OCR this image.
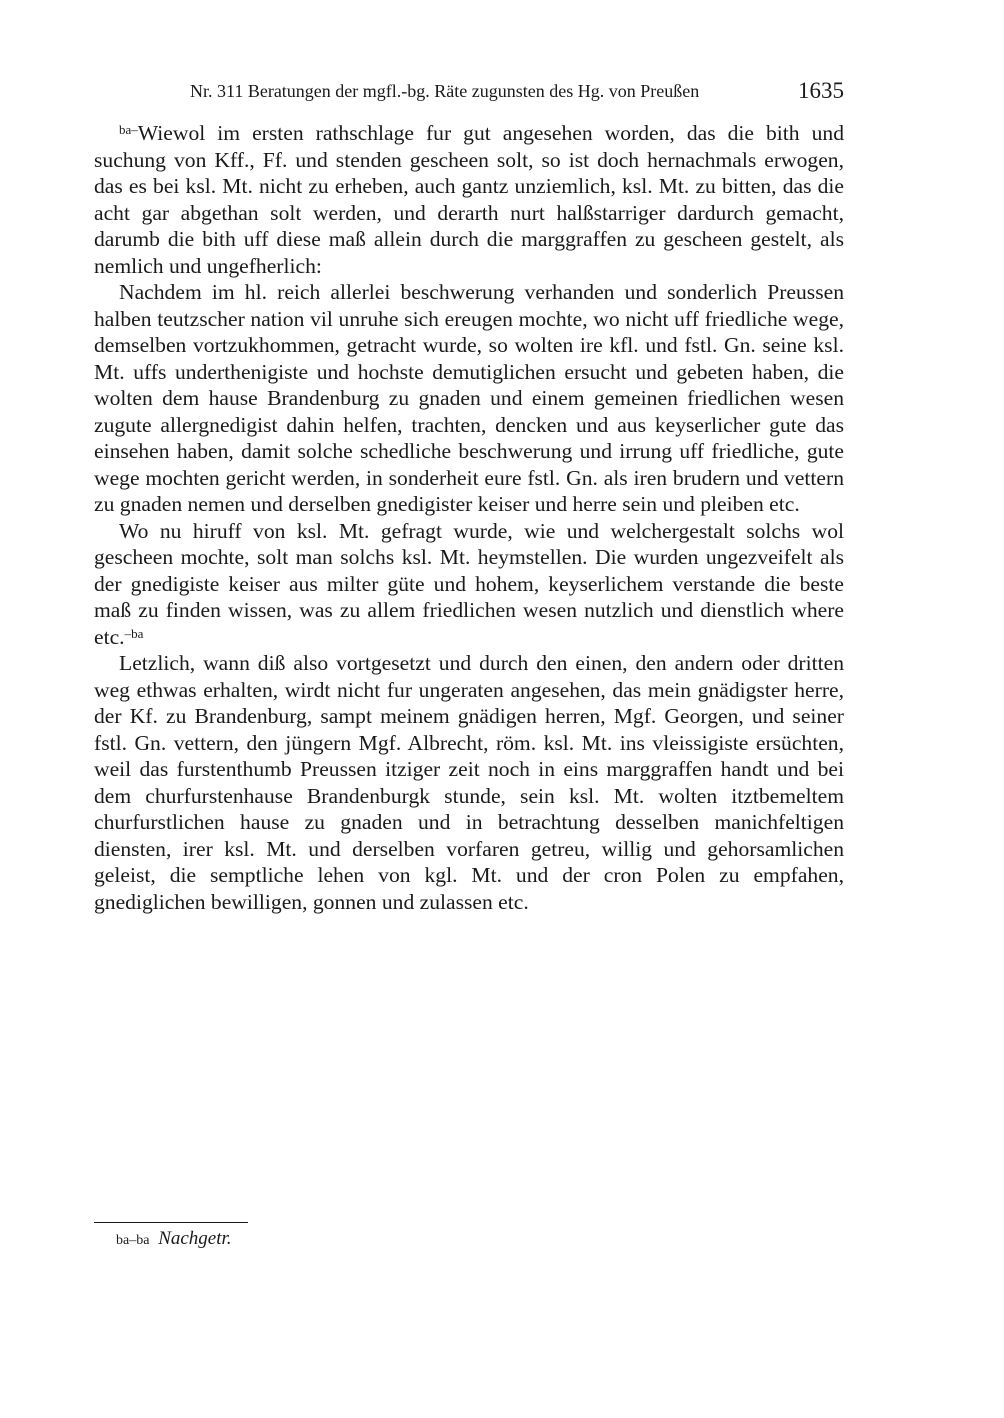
Nr. 311 Beratungen der mgfl.-bg. Räte zugunsten des Hg. von Preußen	1635

$^{ba-}$Wiewol im ersten rathschlage fur gut angesehen worden, das die bith und suchung von Kff., Ff. und stenden gescheen solt, so ist doch hernachmals erwogen, das es bei ksl. Mt. nicht zu erheben, auch gantz unziemlich, ksl. Mt. zu bitten, das die acht gar abgethan solt werden, und derarth nurt halßstarriger dardurch gemacht, darumb die bith uff diese maß allein durch die marggraffen zu gescheen gestelt, als nemlich und ungefherlich:

Nachdem im hl. reich allerlei beschwerung verhanden und sonderlich Preussen halben teutzscher nation vil unruhe sich ereugen mochte, wo nicht uff friedliche wege, demselben vortzukhommen, getracht wurde, so wolten ire kfl. und fstl. Gn. seine ksl. Mt. uffs underthenigiste und hochste demutiglichen ersucht und gebeten haben, die wolten dem hause Brandenburg zu gnaden und einem gemeinen friedlichen wesen zugute allergnedigist dahin helfen, trachten, dencken und aus keyserlicher gute das einsehen haben, damit solche schedliche beschwerung und irrung uff friedliche, gute wege mochten gericht werden, in sonderheit eure fstl. Gn. als iren brudern und vettern zu gnaden nemen und derselben gnedigister keiser und herre sein und pleiben etc.

Wo nu hiruff von ksl. Mt. gefragt wurde, wie und welchergestalt solchs wol gescheen mochte, solt man solchs ksl. Mt. heymstellen. Die wurden ungezveifelt als der gnedigiste keiser aus milter güte und hohem, keyserlichem verstande die beste maß zu finden wissen, was zu allem friedlichen wesen nutzlich und dienstlich where etc.$^{-ba}$

Letzlich, wann diß also vortgesetzt und durch den einen, den andern oder dritten weg ethwas erhalten, wirdt nicht fur ungeraten angesehen, das mein gnädigster herre, der Kf. zu Brandenburg, sampt meinem gnädigen herren, Mgf. Georgen, und seiner fstl. Gn. vettern, den jüngern Mgf. Albrecht, röm. ksl. Mt. ins vleissigiste ersüchten, weil das furstenthumb Preussen itziger zeit noch in eins marggraffen handt und bei dem churfurstenhause Brandenburgk stunde, sein ksl. Mt. wolten itztbemeltem churfurstlichen hause zu gnaden und in betrachtung desselben manichfeltigen diensten, irer ksl. Mt. und derselben vorfaren getreu, willig und gehorsamlichen geleist, die semptliche lehen von kgl. Mt. und der cron Polen zu empfahen, gnediglichen bewilligen, gonnen und zulassen etc.

ba–ba Nachgetr.
